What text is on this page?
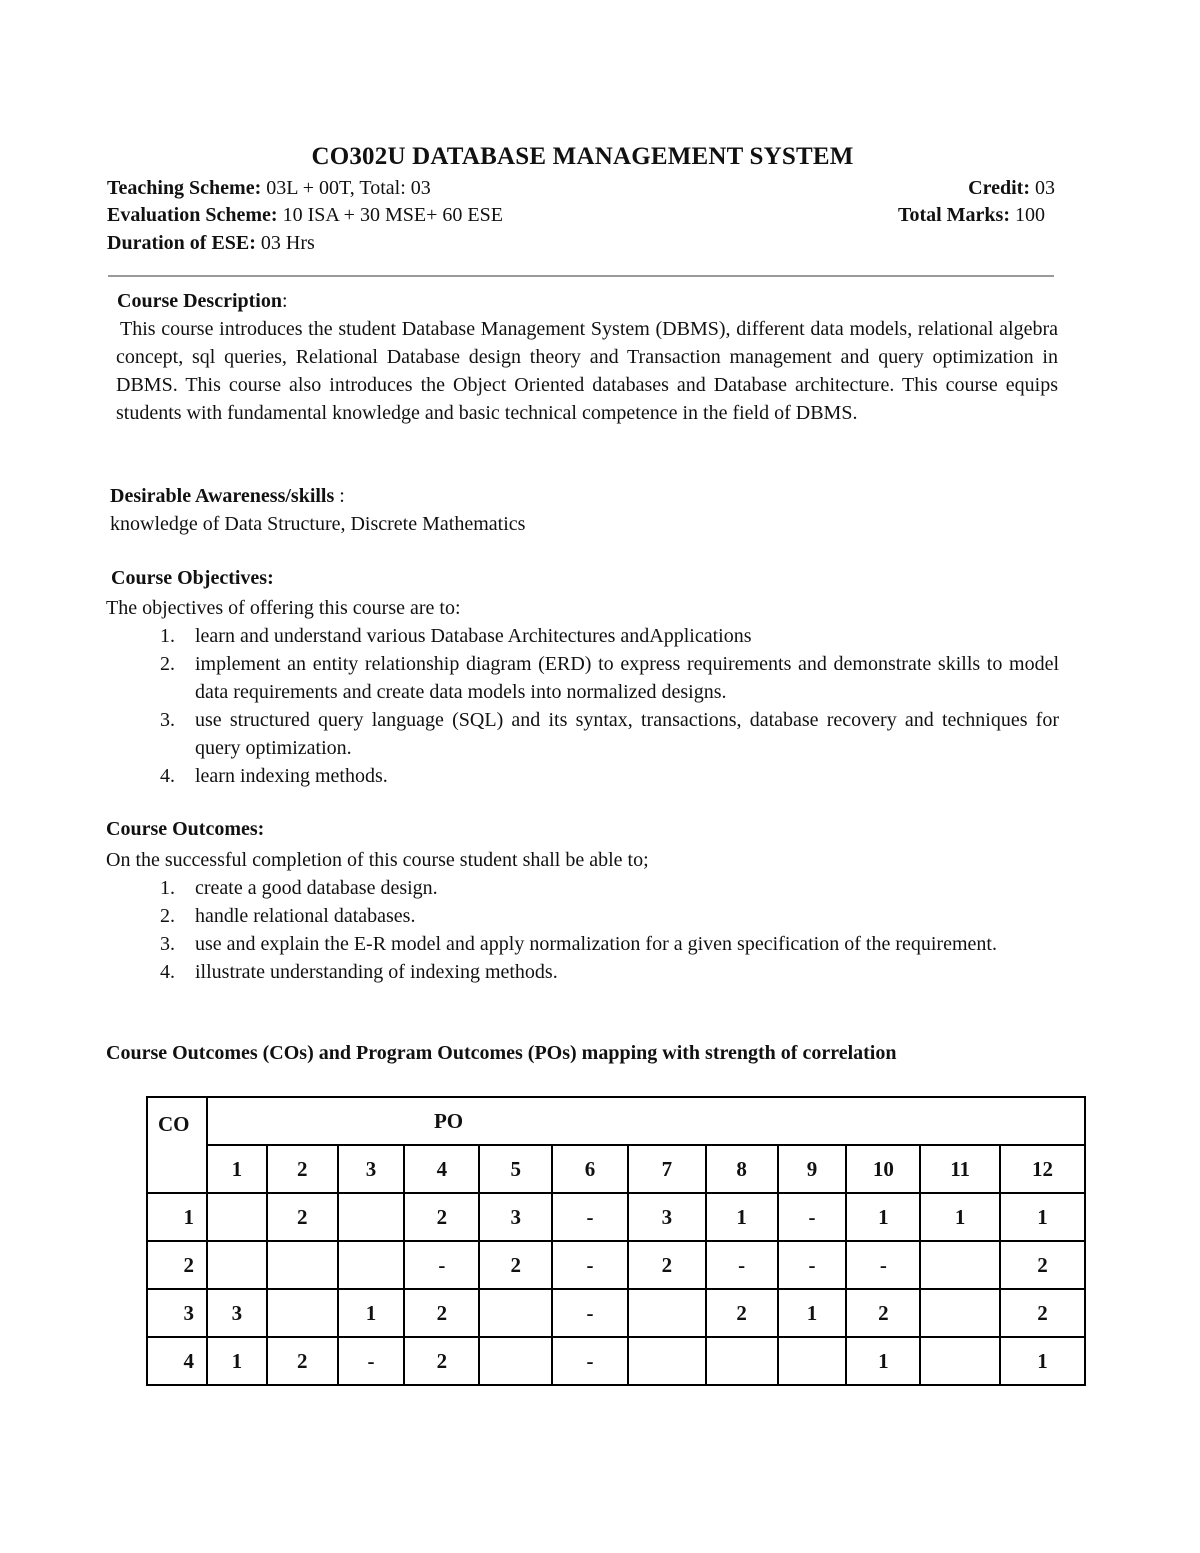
CO302U DATABASE MANAGEMENT SYSTEM
Teaching Scheme: 03L + 00T, Total: 03	Credit: 03
Evaluation Scheme: 10 ISA + 30 MSE+ 60 ESE	Total Marks: 100
Duration of ESE: 03 Hrs
Course Description:
This course introduces the student Database Management System (DBMS), different data models, relational algebra concept, sql queries, Relational Database design theory and Transaction management and query optimization in DBMS. This course also introduces the Object Oriented databases and Database architecture. This course equips students with fundamental knowledge and basic technical competence in the field of DBMS.
Desirable Awareness/skills :
knowledge of Data Structure, Discrete Mathematics
Course Objectives:
The objectives of offering this course are to:
1. learn and understand various Database Architectures andApplications
2. implement an entity relationship diagram (ERD) to express requirements and demonstrate skills to model data requirements and create data models into normalized designs.
3. use structured query language (SQL) and its syntax, transactions, database recovery and techniques for query optimization.
4. learn indexing methods.
Course Outcomes:
On the successful completion of this course student shall be able to;
1. create a good database design.
2. handle relational databases.
3. use and explain the E-R model and apply normalization for a given specification of the requirement.
4. illustrate understanding of indexing methods.
Course Outcomes (COs) and Program Outcomes (POs) mapping with strength of correlation
CO	PO											
	1	2	3	4	5	6	7	8	9	10	11	12
1		2		2	3	-	3	1	-	1	1	1
2				-	2	-	2	-	-	-		2
3	3		1	2		-		2	1	2		2
4	1	2	-	2		-				1		1
